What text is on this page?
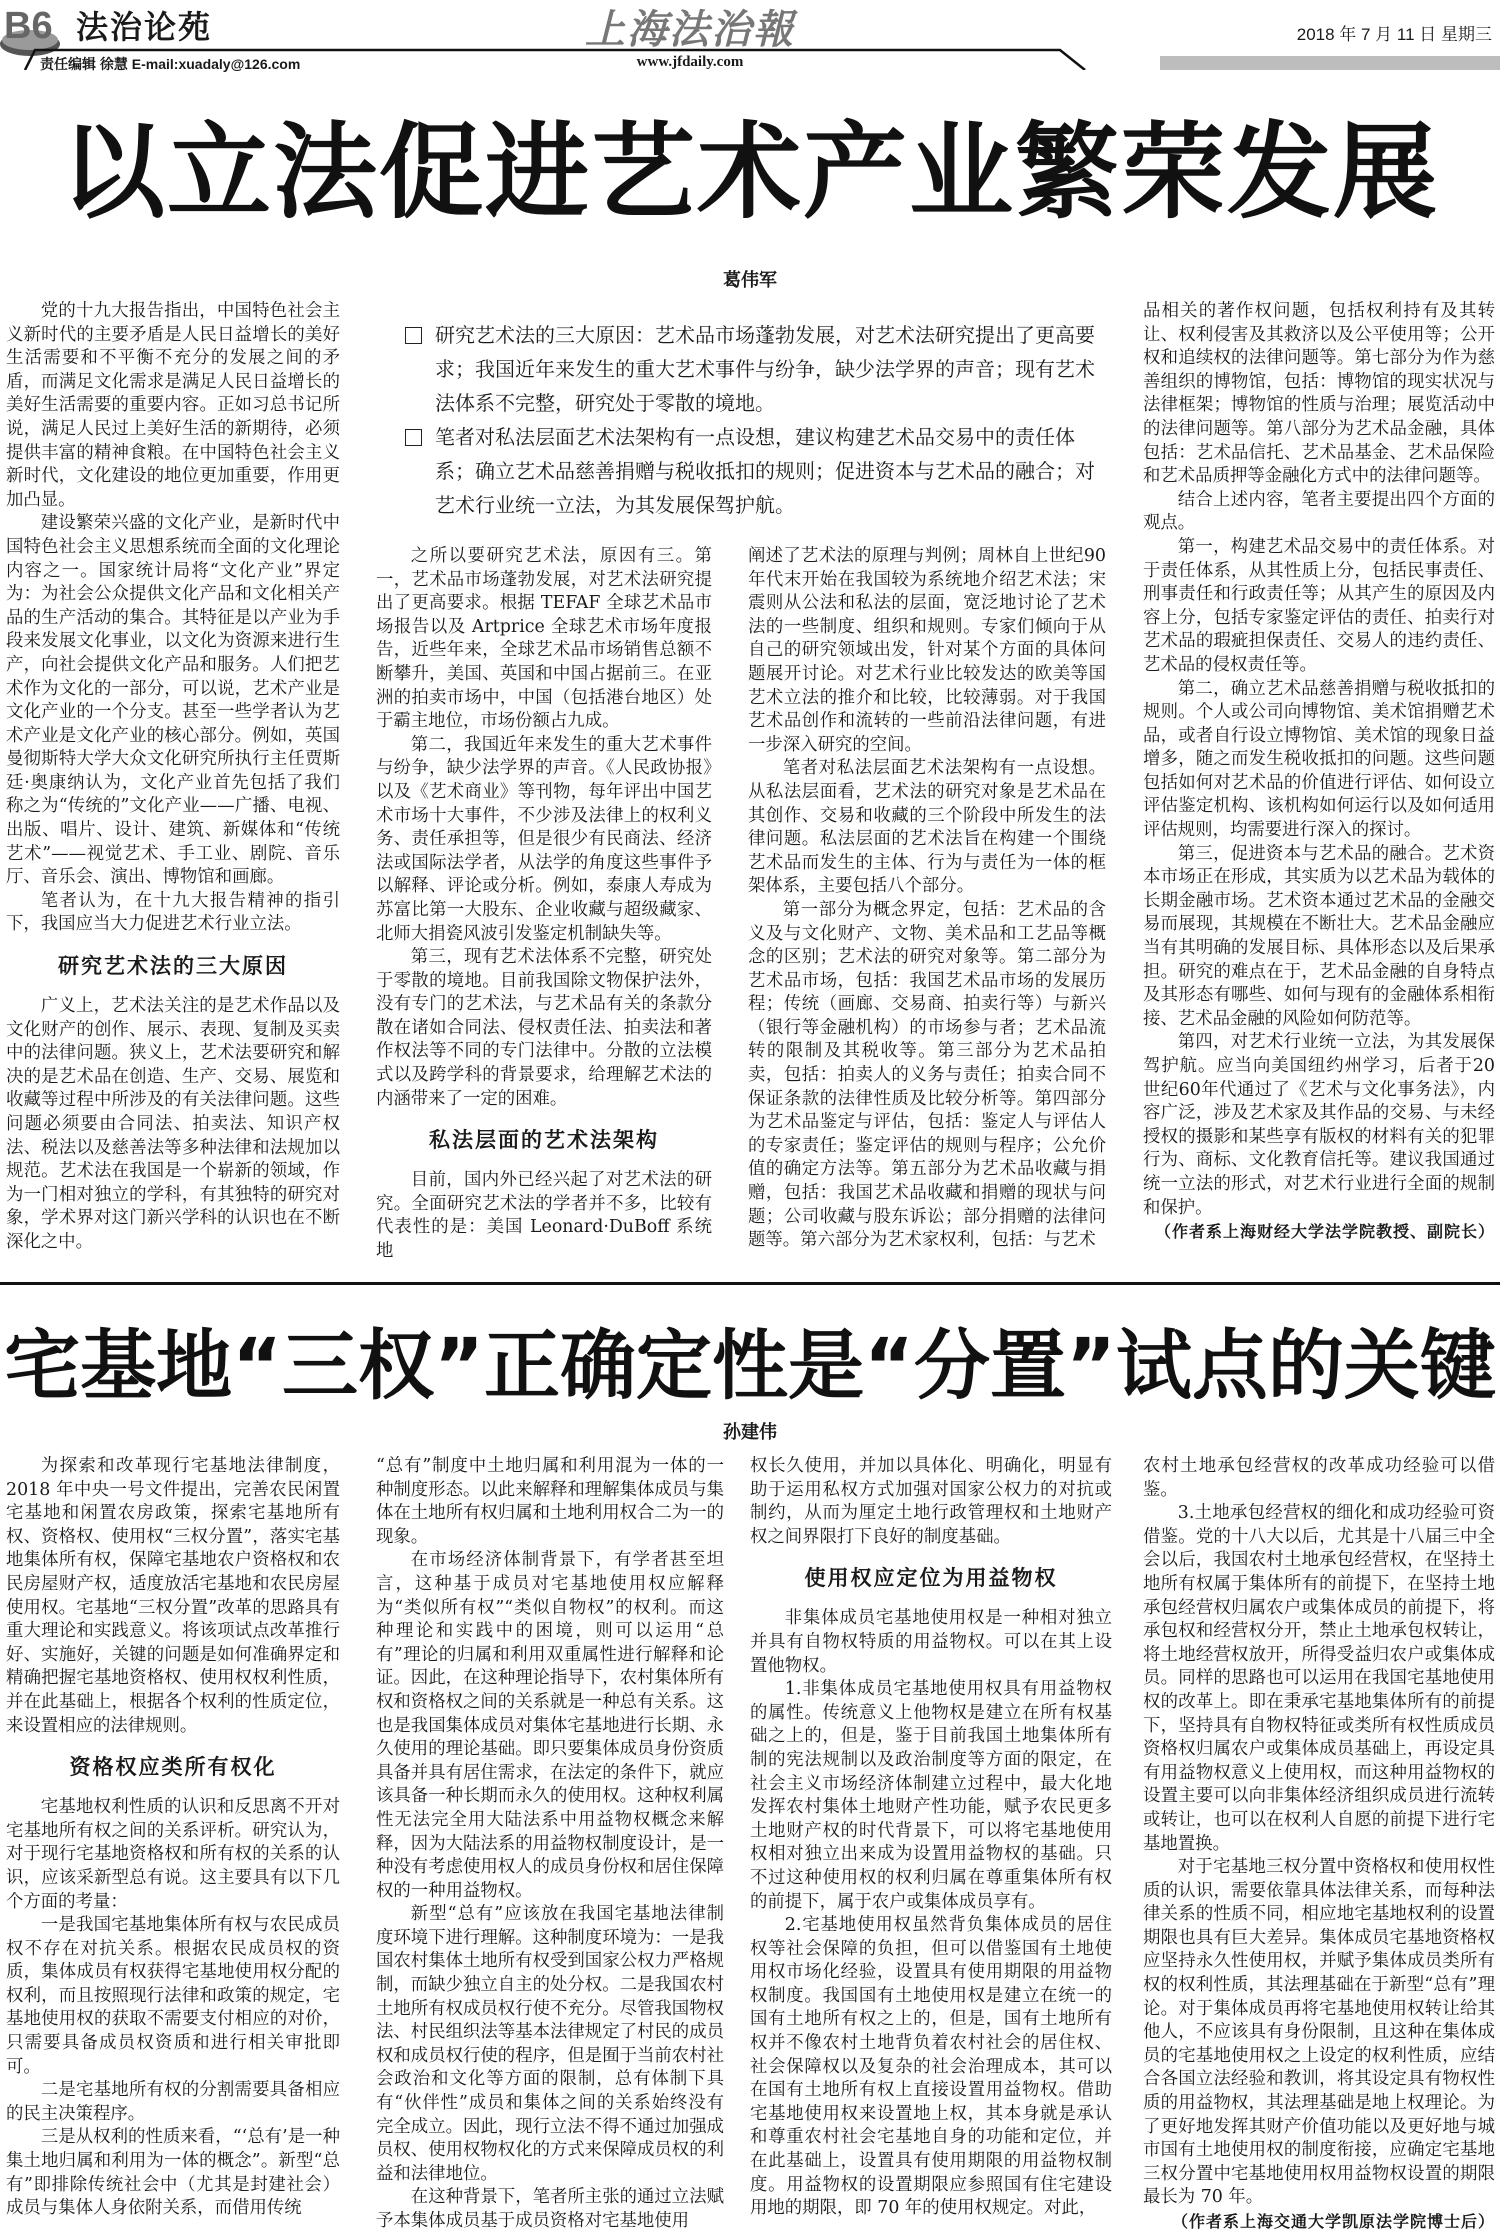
B6 法治论苑	上海法治報	2018 年 7 月 11 日 星期三
责任编辑 徐慧 E-mail:xuadaly@126.com	www.jfdaily.com
以立法促进艺术产业繁荣发展
葛伟军
研究艺术法的三大原因：艺术品市场蓬勃发展，对艺术法研究提出了更高要求；我国近年来发生的重大艺术事件与纷争，缺少法学界的声音；现有艺术法体系不完整，研究处于零散的境地。
笔者对私法层面艺术法架构有一点设想，建议构建艺术品交易中的责任体系；确立艺术品慈善捐赠与税收抵扣的规则；促进资本与艺术品的融合；对艺术行业统一立法，为其发展保驾护航。

党的十九大报告指出，中国特色社会主义新时代的主要矛盾是人民日益增长的美好生活需要和不平衡不充分的发展之间的矛盾，而满足文化需求是满足人民日益增长的美好生活需要的重要内容。正如习总书记所说，满足人民过上美好生活的新期待，必须提供丰富的精神食粮。在中国特色社会主义新时代，文化建设的地位更加重要，作用更加凸显。

建设繁荣兴盛的文化产业，是新时代中国特色社会主义思想系统而全面的文化理论内容之一。国家统计局将“文化产业”界定为：为社会公众提供文化产品和文化相关产品的生产活动的集合。其特征是以产业为手段来发展文化事业，以文化为资源来进行生产，向社会提供文化产品和服务。人们把艺术作为文化的一部分，可以说，艺术产业是文化产业的一个分支。甚至一些学者认为艺术产业是文化产业的核心部分。例如，英国曼彻斯特大学大众文化研究所执行主任贾斯廷·奥康纳认为，文化产业首先包括了我们称之为“传统的”文化产业——广播、电视、出版、唱片、设计、建筑、新媒体和“传统艺术”——视觉艺术、手工业、剧院、音乐厅、音乐会、演出、博物馆和画廊。

笔者认为，在十九大报告精神的指引下，我国应当大力促进艺术行业立法。

研究艺术法的三大原因

广义上，艺术法关注的是艺术作品以及文化财产的创作、展示、表现、复制及买卖中的法律问题。狭义上，艺术法要研究和解决的是艺术品在创造、生产、交易、展览和收藏等过程中所涉及的有关法律问题。这些问题必须要由合同法、拍卖法、知识产权法、税法以及慈善法等多种法律和法规加以规范。艺术法在我国是一个崭新的领域，作为一门相对独立的学科，有其独特的研究对象，学术界对这门新兴学科的认识也在不断深化之中。

之所以要研究艺术法，原因有三。第一，艺术品市场蓬勃发展，对艺术法研究提出了更高要求。根据 TEFAF 全球艺术品市场报告以及 Artprice 全球艺术市场年度报告，近些年来，全球艺术品市场销售总额不断攀升，美国、英国和中国占据前三。在亚洲的拍卖市场中，中国（包括港台地区）处于霸主地位，市场份额占九成。

第二，我国近年来发生的重大艺术事件与纷争，缺少法学界的声音。《人民政协报》以及《艺术商业》等刊物，每年评出中国艺术市场十大事件，不少涉及法律上的权利义务、责任承担等，但是很少有民商法、经济法或国际法学者，从法学的角度这些事件予以解释、评论或分析。例如，泰康人寿成为苏富比第一大股东、企业收藏与超级藏家、北师大捐瓷风波引发鉴定机制缺失等。

第三，现有艺术法体系不完整，研究处于零散的境地。目前我国除文物保护法外，没有专门的艺术法，与艺术品有关的条款分散在诸如合同法、侵权责任法、拍卖法和著作权法等不同的专门法律中。分散的立法模式以及跨学科的背景要求，给理解艺术法的内涵带来了一定的困难。

私法层面的艺术法架构

目前，国内外已经兴起了对艺术法的研究。全面研究艺术法的学者并不多，比较有代表性的是：美国 Leonard·DuBoff 系统地

阐述了艺术法的原理与判例；周林自上世纪90年代末开始在我国较为系统地介绍艺术法；宋震则从公法和私法的层面，宽泛地讨论了艺术法的一些制度、组织和规则。专家们倾向于从自己的研究领域出发，针对某个方面的具体问题展开讨论。对艺术行业比较发达的欧美等国艺术立法的推介和比较，比较薄弱。对于我国艺术品创作和流转的一些前沿法律问题，有进一步深入研究的空间。

笔者对私法层面艺术法架构有一点设想。从私法层面看，艺术法的研究对象是艺术品在其创作、交易和收藏的三个阶段中所发生的法律问题。私法层面的艺术法旨在构建一个围绕艺术品而发生的主体、行为与责任为一体的框架体系，主要包括八个部分。

第一部分为概念界定，包括：艺术品的含义及与文化财产、文物、美术品和工艺品等概念的区别；艺术法的研究对象等。第二部分为艺术品市场，包括：我国艺术品市场的发展历程；传统（画廊、交易商、拍卖行等）与新兴（银行等金融机构）的市场参与者；艺术品流转的限制及其税收等。第三部分为艺术品拍卖，包括：拍卖人的义务与责任；拍卖合同不保证条款的法律性质及比较分析等。第四部分为艺术品鉴定与评估，包括：鉴定人与评估人的专家责任；鉴定评估的规则与程序；公允价值的确定方法等。第五部分为艺术品收藏与捐赠，包括：我国艺术品收藏和捐赠的现状与问题；公司收藏与股东诉讼；部分捐赠的法律问题等。第六部分为艺术家权利，包括：与艺术

品相关的著作权问题，包括权利持有及其转让、权利侵害及其救济以及公平使用等；公开权和追续权的法律问题等。第七部分为作为慈善组织的博物馆，包括：博物馆的现实状况与法律框架；博物馆的性质与治理；展览活动中的法律问题等。第八部分为艺术品金融，具体包括：艺术品信托、艺术品基金、艺术品保险和艺术品质押等金融化方式中的法律问题等。

结合上述内容，笔者主要提出四个方面的观点。

第一，构建艺术品交易中的责任体系。对于责任体系，从其性质上分，包括民事责任、刑事责任和行政责任等；从其产生的原因及内容上分，包括专家鉴定评估的责任、拍卖行对艺术品的瑕疵担保责任、交易人的违约责任、艺术品的侵权责任等。

第二，确立艺术品慈善捐赠与税收抵扣的规则。个人或公司向博物馆、美术馆捐赠艺术品，或者自行设立博物馆、美术馆的现象日益增多，随之而发生税收抵扣的问题。这些问题包括如何对艺术品的价值进行评估、如何设立评估鉴定机构、该机构如何运行以及如何适用评估规则，均需要进行深入的探讨。

第三，促进资本与艺术品的融合。艺术资本市场正在形成，其实质为以艺术品为载体的长期金融市场。艺术资本通过艺术品的金融交易而展现，其规模在不断壮大。艺术品金融应当有其明确的发展目标、具体形态以及后果承担。研究的难点在于，艺术品金融的自身特点及其形态有哪些、如何与现有的金融体系相衔接、艺术品金融的风险如何防范等。

第四，对艺术行业统一立法，为其发展保驾护航。应当向美国纽约州学习，后者于20世纪60年代通过了《艺术与文化事务法》，内容广泛，涉及艺术家及其作品的交易、与未经授权的摄影和某些享有版权的材料有关的犯罪行为、商标、文化教育信托等。建议我国通过统一立法的形式，对艺术行业进行全面的规制和保护。

（作者系上海财经大学法学院教授、副院长）

宅基地“三权”正确定性是“分置”试点的关键
孙建伟

为探索和改革现行宅基地法律制度，2018 年中央一号文件提出，完善农民闲置宅基地和闲置农房政策，探索宅基地所有权、资格权、使用权“三权分置”，落实宅基地集体所有权，保障宅基地农户资格权和农民房屋财产权，适度放活宅基地和农民房屋使用权。宅基地“三权分置”改革的思路具有重大理论和实践意义。将该项试点改革推行好、实施好，关键的问题是如何准确界定和精确把握宅基地资格权、使用权权利性质，并在此基础上，根据各个权利的性质定位，来设置相应的法律规则。

资格权应类所有权化

宅基地权利性质的认识和反思离不开对宅基地所有权之间的关系评析。研究认为，对于现行宅基地资格权和所有权的关系的认识，应该采新型总有说。这主要具有以下几个方面的考量：

一是我国宅基地集体所有权与农民成员权不存在对抗关系。根据农民成员权的资质，集体成员有权获得宅基地使用权分配的权利，而且按照现行法律和政策的规定，宅基地使用权的获取不需要支付相应的对价，只需要具备成员权资质和进行相关审批即可。

二是宅基地所有权的分割需要具备相应的民主决策程序。

三是从权利的性质来看，“‘总有’是一种集土地归属和利用为一体的概念”。新型“总有”即排除传统社会中（尤其是封建社会）成员与集体人身依附关系，而借用传统

“总有”制度中土地归属和利用混为一体的一种制度形态。以此来解释和理解集体成员与集体在土地所有权归属和土地利用权合二为一的现象。

在市场经济体制背景下，有学者甚至坦言，这种基于成员对宅基地使用权应解释为“类似所有权”“类似自物权”的权利。而这种理论和实践中的困境，则可以运用“总有”理论的归属和利用双重属性进行解释和论证。因此，在这种理论指导下，农村集体所有权和资格权之间的关系就是一种总有关系。这也是我国集体成员对集体宅基地进行长期、永久使用的理论基础。即只要集体成员身份资质具备并具有居住需求，在法定的条件下，就应该具备一种长期而永久的使用权。这种权利属性无法完全用大陆法系中用益物权概念来解释，因为大陆法系的用益物权制度设计，是一种没有考虑使用权人的成员身份权和居住保障权的一种用益物权。

新型“总有”应该放在我国宅基地法律制度环境下进行理解。这种制度环境为：一是我国农村集体土地所有权受到国家公权力严格规制，而缺少独立自主的处分权。二是我国农村土地所有权成员权行使不充分。尽管我国物权法、村民组织法等基本法律规定了村民的成员权和成员权行使的程序，但是囿于当前农村社会政治和文化等方面的限制，总有体制下具有“伙伴性”成员和集体之间的关系始终没有完全成立。因此，现行立法不得不通过加强成员权、使用权物权化的方式来保障成员权的利益和法律地位。

在这种背景下，笔者所主张的通过立法赋予本集体成员基于成员资格对宅基地使用

权长久使用，并加以具体化、明确化，明显有助于运用私权方式加强对国家公权力的对抗或制约，从而为厘定土地行政管理权和土地财产权之间界限打下良好的制度基础。

使用权应定位为用益物权

非集体成员宅基地使用权是一种相对独立并具有自物权特质的用益物权。可以在其上设置他物权。

1.非集体成员宅基地使用权具有用益物权的属性。传统意义上他物权是建立在所有权基础之上的，但是，鉴于目前我国土地集体所有制的宪法规制以及政治制度等方面的限定，在社会主义市场经济体制建立过程中，最大化地发挥农村集体土地财产性功能，赋予农民更多土地财产权的时代背景下，可以将宅基地使用权相对独立出来成为设置用益物权的基础。只不过这种使用权的权利归属在尊重集体所有权的前提下，属于农户或集体成员享有。

2.宅基地使用权虽然背负集体成员的居住权等社会保障的负担，但可以借鉴国有土地使用权市场化经验，设置具有使用期限的用益物权制度。我国国有土地使用权是建立在统一的国有土地所有权之上的，但是，国有土地所有权并不像农村土地背负着农村社会的居住权、社会保障权以及复杂的社会治理成本，其可以在国有土地所有权上直接设置用益物权。借助宅基地使用权来设置地上权，其本身就是承认和尊重农村社会宅基地自身的功能和定位，并在此基础上，设置具有使用期限的用益物权制度。用益物权的设置期限应参照国有住宅建设用地的期限，即 70 年的使用权规定。对此，

农村土地承包经营权的改革成功经验可以借鉴。

3.土地承包经营权的细化和成功经验可资借鉴。党的十八大以后，尤其是十八届三中全会以后，我国农村土地承包经营权，在坚持土地所有权属于集体所有的前提下，在坚持土地承包经营权归属农户或集体成员的前提下，将承包权和经营权分开，禁止土地承包权转让，将土地经营权放开，所得受益归农户或集体成员。同样的思路也可以运用在我国宅基地使用权的改革上。即在秉承宅基地集体所有的前提下，坚持具有自物权特征或类所有权性质成员资格权归属农户或集体成员基础上，再设定具有用益物权意义上使用权，而这种用益物权的设置主要可以向非集体经济组织成员进行流转或转让，也可以在权利人自愿的前提下进行宅基地置换。

对于宅基地三权分置中资格权和使用权性质的认识，需要依靠具体法律关系，而每种法律关系的性质不同，相应地宅基地权利的设置期限也具有巨大差异。集体成员宅基地资格权应坚持永久性使用权，并赋予集体成员类所有权的权利性质，其法理基础在于新型“总有”理论。对于集体成员再将宅基地使用权转让给其他人，不应该具有身份限制，且这种在集体成员的宅基地使用权之上设定的权利性质，应结合各国立法经验和教训，将其设定具有物权性质的用益物权，其法理基础是地上权理论。为了更好地发挥其财产价值功能以及更好地与城市国有土地使用权的制度衔接，应确定宅基地三权分置中宅基地使用权用益物权设置的期限最长为 70 年。

（作者系上海交通大学凯原法学院博士后）
